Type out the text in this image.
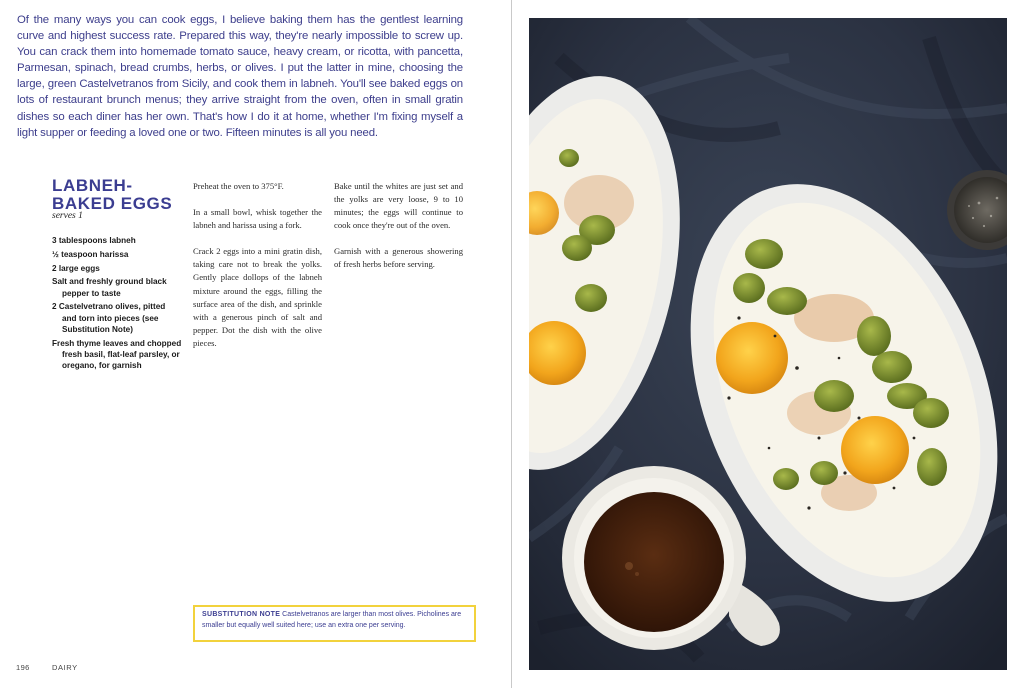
Of the many ways you can cook eggs, I believe baking them has the gentlest learning curve and highest success rate. Prepared this way, they're nearly impossible to screw up. You can crack them into homemade tomato sauce, heavy cream, or ricotta, with pancetta, Parmesan, spinach, bread crumbs, herbs, or olives. I put the latter in mine, choosing the large, green Castelvetranos from Sicily, and cook them in labneh. You'll see baked eggs on lots of restaurant brunch menus; they arrive straight from the oven, often in small gratin dishes so each diner has her own. That's how I do it at home, whether I'm fixing myself a light supper or feeding a loved one or two. Fifteen minutes is all you need.

LABNEH-
BAKED EGGS
serves 1
3 tablespoons labneh
½ teaspoon harissa
2 large eggs
Salt and freshly ground black pepper to taste
2 Castelvetrano olives, pitted and torn into pieces (see Substitution Note)
Fresh thyme leaves and chopped fresh basil, flat-leaf parsley, or oregano, for garnish

Preheat the oven to 375°F.

In a small bowl, whisk together the labneh and harissa using a fork.

Crack 2 eggs into a mini gratin dish, taking care not to break the yolks. Gently place dollops of the labneh mixture around the eggs, filling the surface area of the dish, and sprinkle with a generous pinch of salt and pepper. Dot the dish with the olive pieces.

Bake until the whites are just set and the yolks are very loose, 9 to 10 minutes; the eggs will continue to cook once they're out of the oven.

Garnish with a generous showering of fresh herbs before serving.

SUBSTITUTION NOTE Castelvetranos are larger than most olives. Picholines are smaller but equally well suited here; use an extra one per serving.
196	DAIRY
